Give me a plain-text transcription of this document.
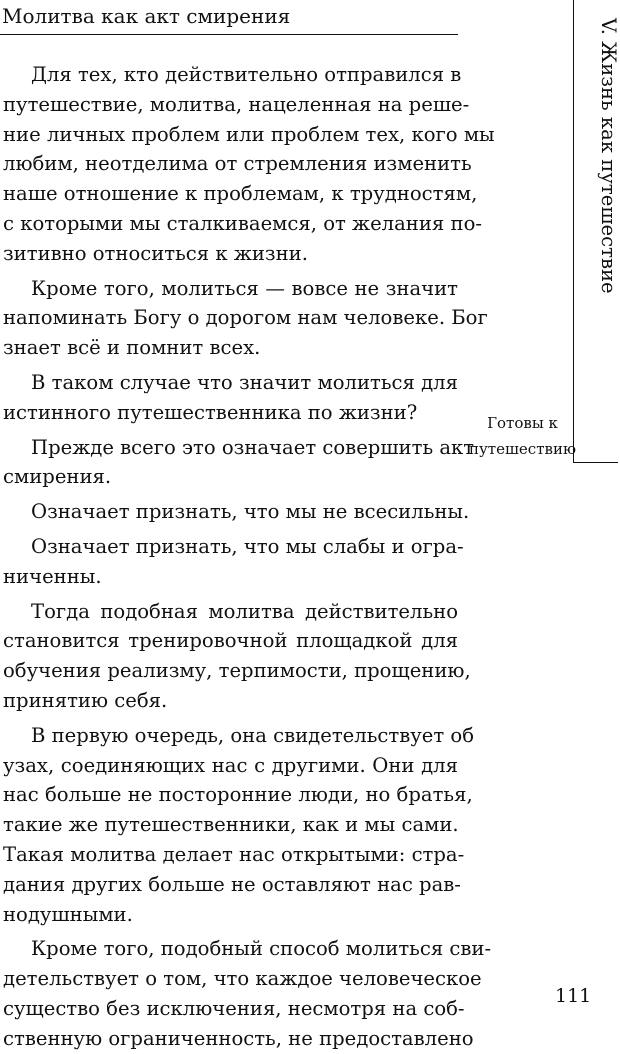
Молитва как акт смирения
V. Жизнь как путешествие
Готовы к
путешествию
Для тех, кто действительно отправился в
путешествие, молитва, нацеленная на реше-
ние личных проблем или проблем тех, кого мы
любим, неотделима от стремления изменить
наше отношение к проблемам, к трудностям,
с которыми мы сталкиваемся, от желания по-
зитивно относиться к жизни.
Кроме того, молиться — вовсе не значит
напоминать Богу о дорогом нам человеке. Бог
знает всё и помнит всех.
В таком случае что значит молиться для
истинного путешественника по жизни?
Прежде всего это означает совершить акт
смирения.
Означает признать, что мы не всесильны.
Означает признать, что мы слабы и огра-
ниченны.
Тогда подобная молитва действительно
становится тренировочной площадкой для
обучения реализму, терпимости, прощению,
принятию себя.
В первую очередь, она свидетельствует об
узах, соединяющих нас с другими. Они для
нас больше не посторонние люди, но братья,
такие же путешественники, как и мы сами.
Такая молитва делает нас открытыми: стра-
дания других больше не оставляют нас рав-
нодушными.
Кроме того, подобный способ молиться сви-
детельствует о том, что каждое человеческое
существо без исключения, несмотря на соб-
ственную ограниченность, не предоставлено
111
